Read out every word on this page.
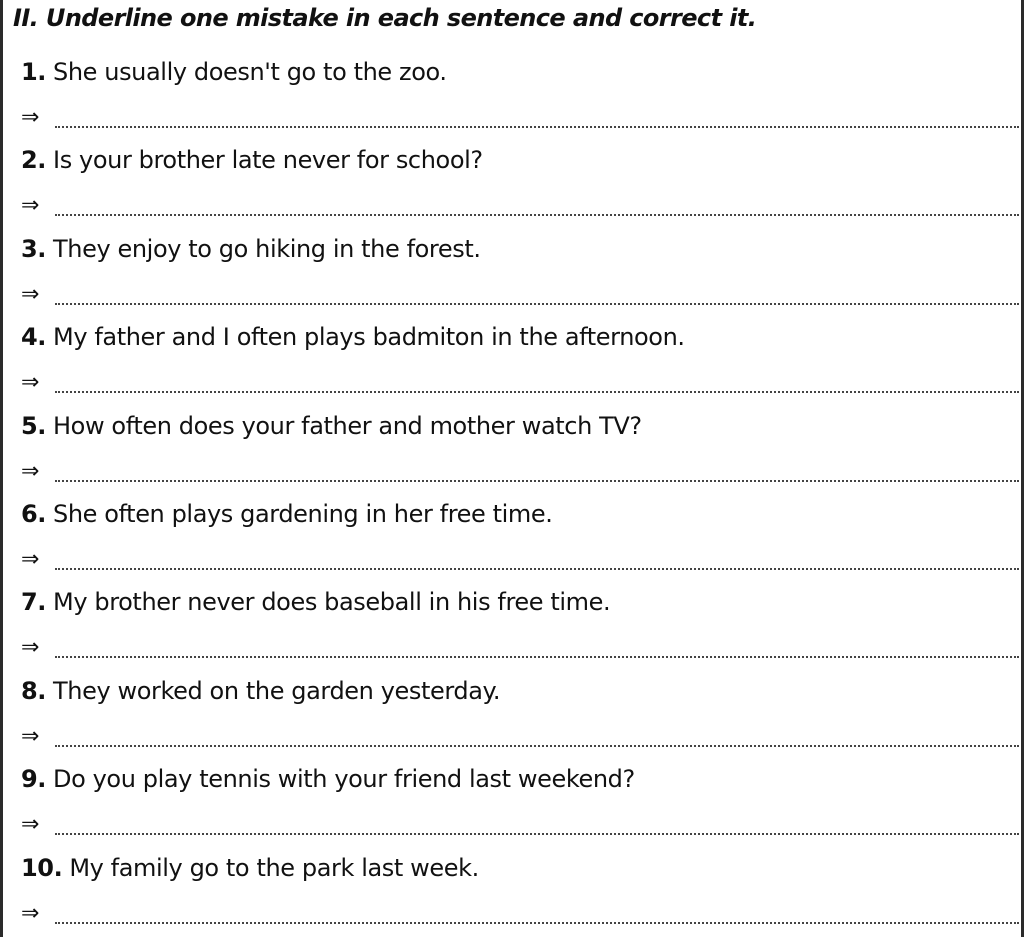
II. Underline one mistake in each sentence and correct it.
1. She usually doesn't go to the zoo.
⇒
2. Is your brother late never for school?
⇒
3. They enjoy to go hiking in the forest.
⇒
4. My father and I often plays badmiton in the afternoon.
⇒
5. How often does your father and mother watch TV?
⇒
6. She often plays gardening in her free time.
⇒
7. My brother never does baseball in his free time.
⇒
8. They worked on the garden yesterday.
⇒
9. Do you play tennis with your friend last weekend?
⇒
10. My family go to the park last week.
⇒
